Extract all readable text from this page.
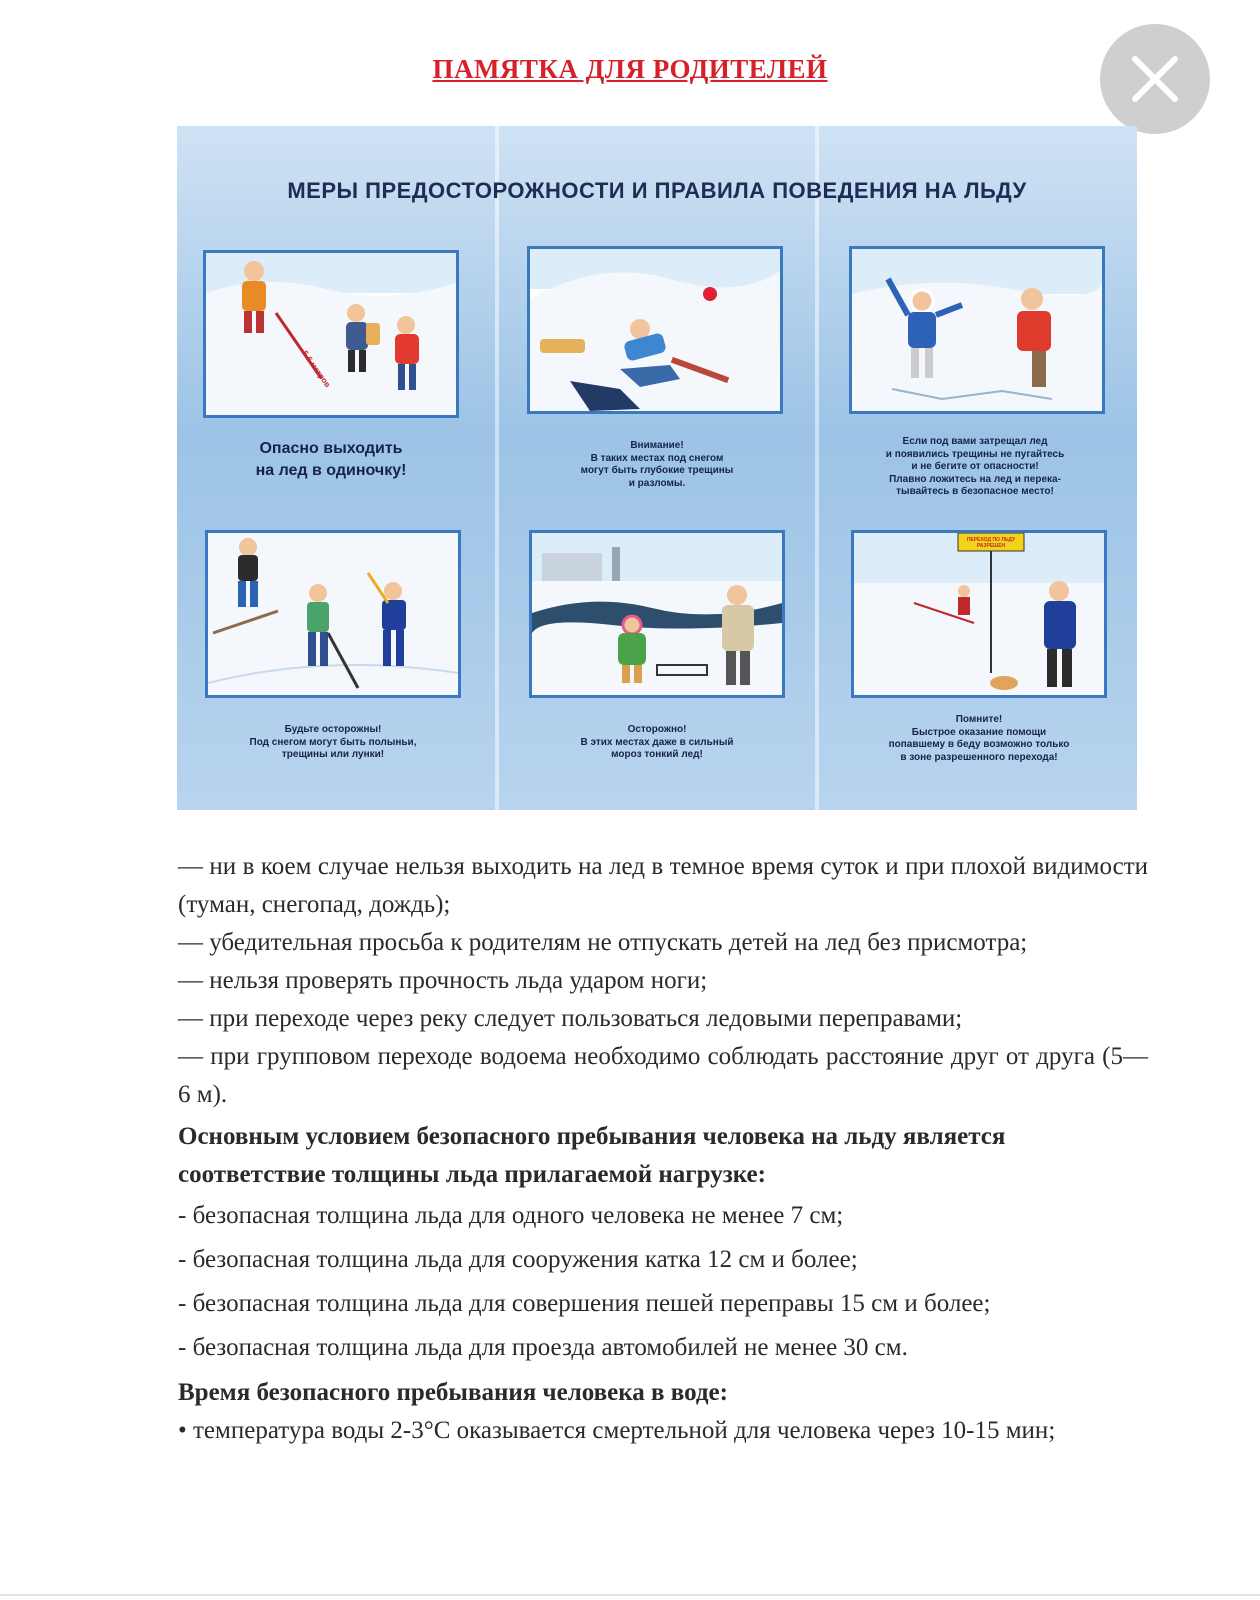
ПАМЯТКА ДЛЯ РОДИТЕЛЕЙ
МЕРЫ ПРЕДОСТОРОЖНОСТИ И ПРАВИЛА ПОВЕДЕНИЯ НА ЛЬДУ
5-6 метров
Опасно выходить
на лед в одиночку!
Внимание!
В таких местах под снегом
могут быть глубокие трещины
и разломы.
Если под вами затрещал лед
и появились трещины не пугайтесь
и не бегите от опасности!
Плавно ложитесь на лед и перека-
тывайтесь в безопасное место!
Будьте осторожны!
Под снегом могут быть полыньи,
трещины или лунки!
Осторожно!
В этих местах даже в сильный
мороз тонкий лед!
ПЕРЕХОД ПО ЛЬДУ
РАЗРЕШЕН
Помните!
Быстрое оказание помощи
попавшему в беду возможно только
в зоне разрешенного перехода!

— ни в коем случае нельзя выходить на лед в темное время суток и при плохой видимости (туман, снегопад, дождь);

— убедительная просьба к родителям не отпускать детей на лед без присмотра;

— нельзя проверять прочность льда ударом ноги;

— при переходе через реку следует пользоваться ледовыми переправами;

— при групповом переходе водоема необходимо соблюдать расстояние друг от друга (5—6 м).

Основным условием безопасного пребывания человека на льду является соответствие толщины льда прилагаемой нагрузке:

- безопасная толщина льда для одного человека не менее 7 см;

- безопасная толщина льда для сооружения катка 12 см и более;

- безопасная толщина льда для совершения пешей переправы 15 см и более;

- безопасная толщина льда для проезда автомобилей не менее 30 см.

Время безопасного пребывания человека в воде:

• температура воды 2-3°С оказывается смертельной для человека через 10-15 мин;
